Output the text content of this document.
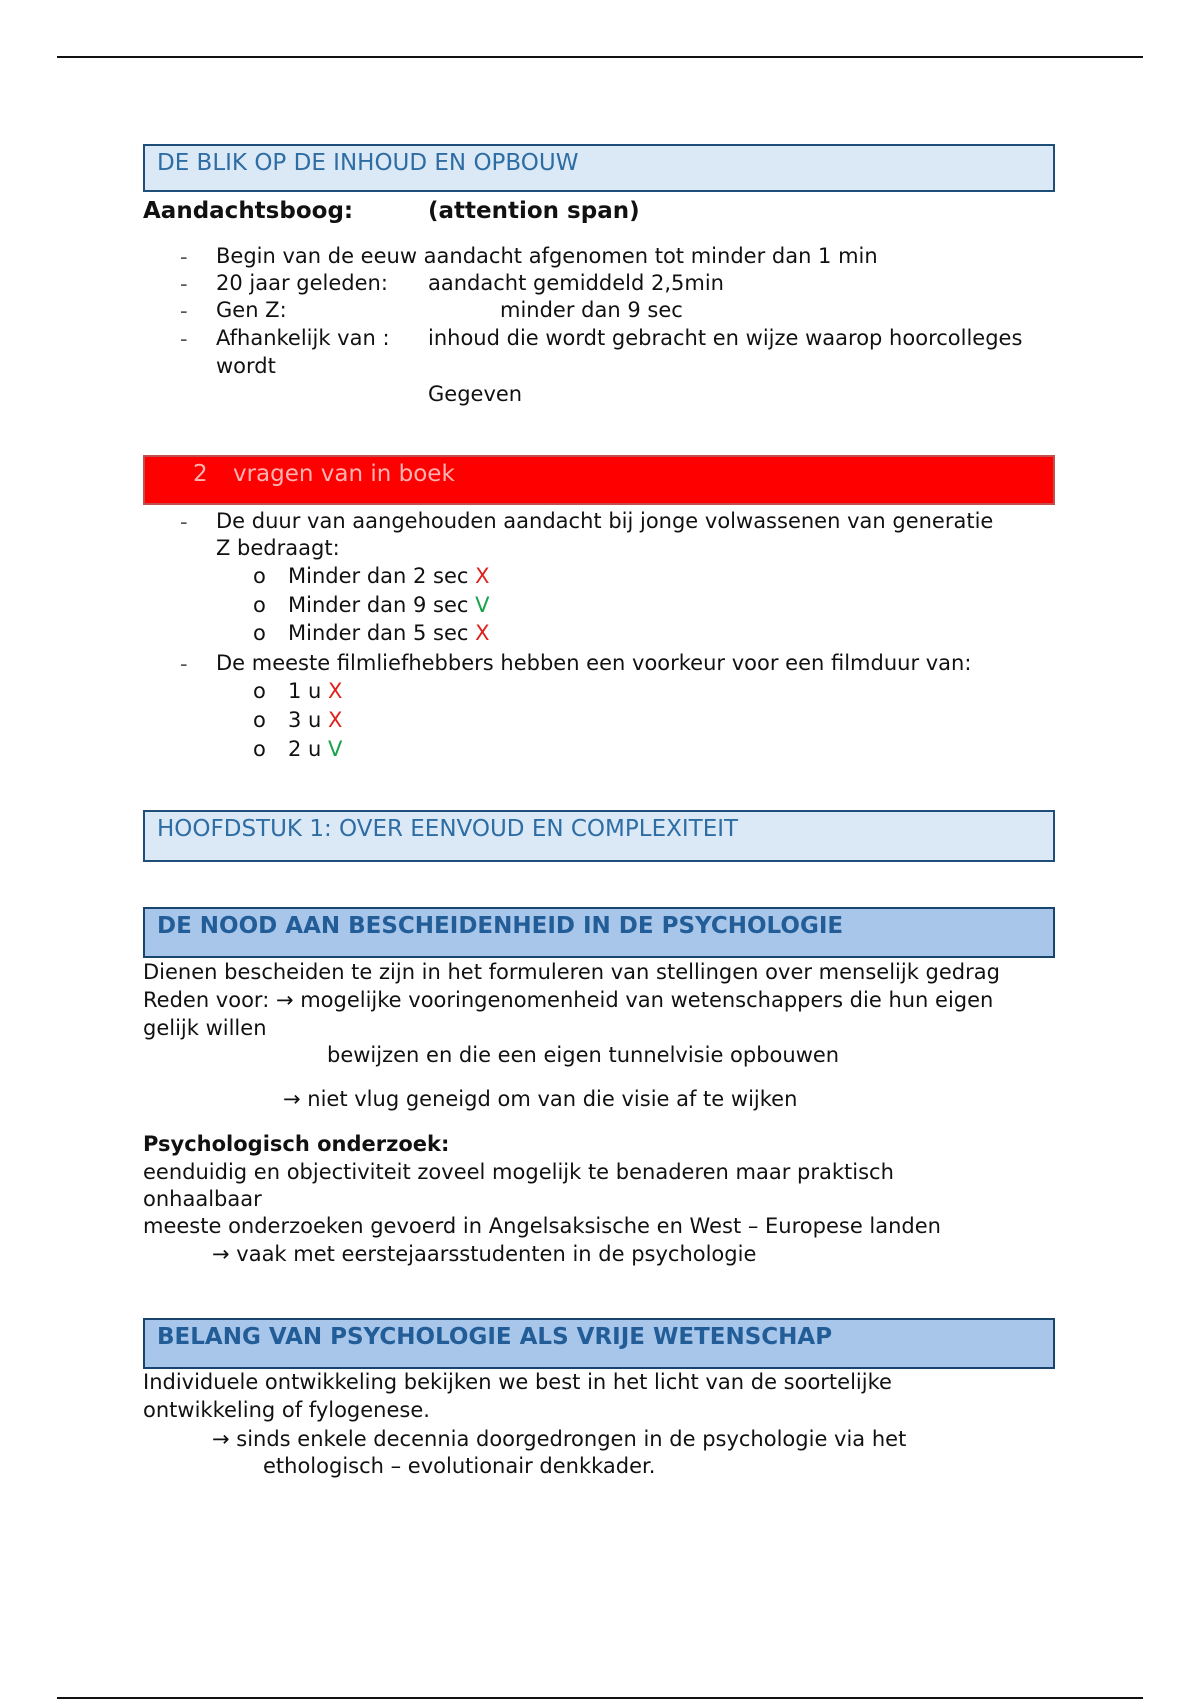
DE BLIK OP DE INHOUD EN OPBOUW
Aandachtsboog:	(attention span)
- Begin van de eeuw aandacht afgenomen tot minder dan 1 min
- 20 jaar geleden: aandacht gemiddeld 2,5min
- Gen Z:	minder dan 9 sec
- Afhankelijk van : inhoud die wordt gebracht en wijze waarop hoorcolleges
wordt
Gegeven
2 vragen van in boek
- De duur van aangehouden aandacht bij jonge volwassenen van generatie
Z bedraagt:
o Minder dan 2 sec X
o Minder dan 9 sec V
o Minder dan 5 sec X
- De meeste filmliefhebbers hebben een voorkeur voor een filmduur van:
o 1 u X
o 3 u X
o 2 u V
HOOFDSTUK 1: OVER EENVOUD EN COMPLEXITEIT
DE NOOD AAN BESCHEIDENHEID IN DE PSYCHOLOGIE
Dienen bescheiden te zijn in het formuleren van stellingen over menselijk gedrag
Reden voor: → mogelijke vooringenomenheid van wetenschappers die hun eigen
gelijk willen
bewijzen en die een eigen tunnelvisie opbouwen
→ niet vlug geneigd om van die visie af te wijken
Psychologisch onderzoek:
eenduidig en objectiviteit zoveel mogelijk te benaderen maar praktisch
onhaalbaar
meeste onderzoeken gevoerd in Angelsaksische en West – Europese landen
→ vaak met eerstejaarsstudenten in de psychologie
BELANG VAN PSYCHOLOGIE ALS VRIJE WETENSCHAP
Individuele ontwikkeling bekijken we best in het licht van de soortelijke
ontwikkeling of fylogenese.
→ sinds enkele decennia doorgedrongen in de psychologie via het
ethologisch – evolutionair denkkader.
